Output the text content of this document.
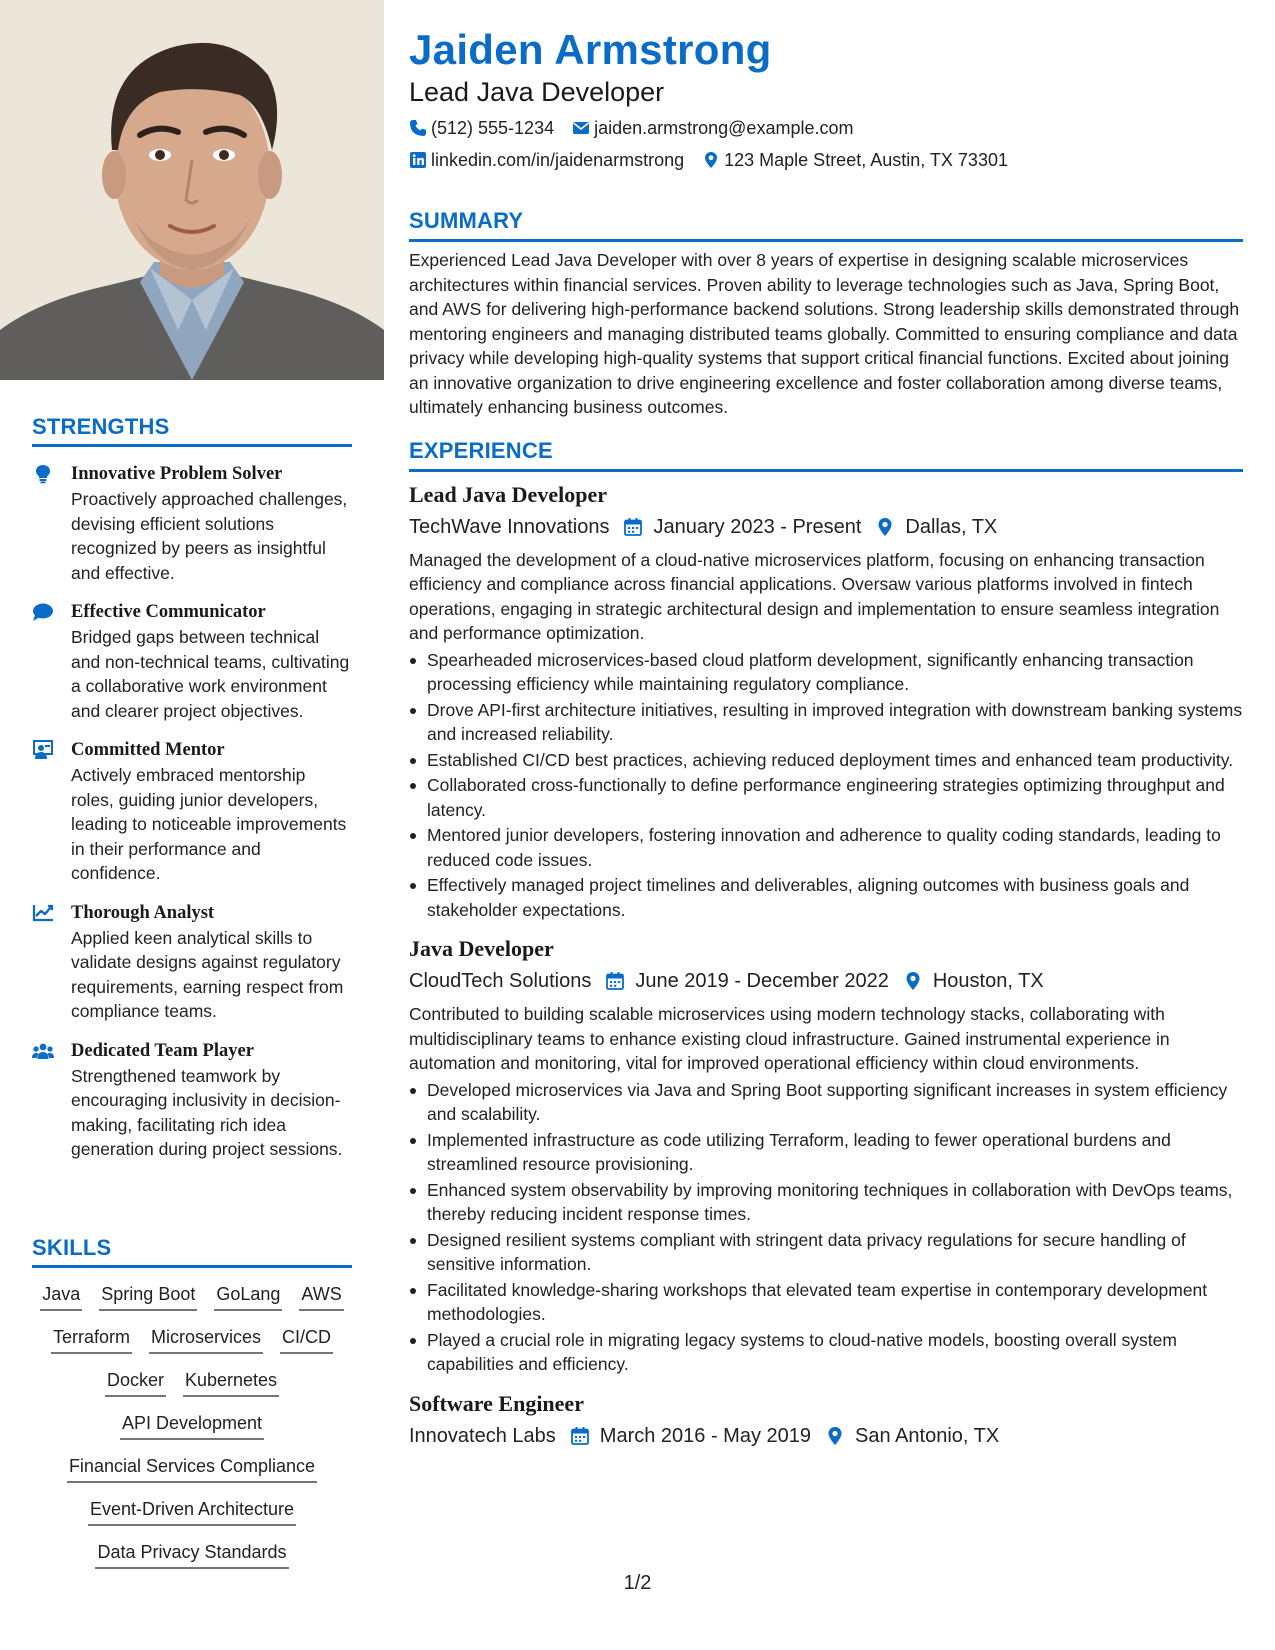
STRENGTHS
Innovative Problem Solver
Proactively approached challenges, devising efficient solutions recognized by peers as insightful and effective.
Effective Communicator
Bridged gaps between technical and non-technical teams, cultivating a collaborative work environment and clearer project objectives.
Committed Mentor
Actively embraced mentorship roles, guiding junior developers, leading to noticeable improvements in their performance and confidence.
Thorough Analyst
Applied keen analytical skills to validate designs against regulatory requirements, earning respect from compliance teams.
Dedicated Team Player
Strengthened teamwork by encouraging inclusivity in decision-making, facilitating rich idea generation during project sessions.
SKILLS
Java Spring Boot GoLang AWS
Terraform Microservices CI/CD
Docker Kubernetes
API Development
Financial Services Compliance
Event-Driven Architecture
Data Privacy Standards
Jaiden Armstrong
Lead Java Developer
(512) 555-1234 jaiden.armstrong@example.com
linkedin.com/in/jaidenarmstrong 123 Maple Street, Austin, TX 73301
SUMMARY

Experienced Lead Java Developer with over 8 years of expertise in designing scalable microservices architectures within financial services. Proven ability to leverage technologies such as Java, Spring Boot, and AWS for delivering high-performance backend solutions. Strong leadership skills demonstrated through mentoring engineers and managing distributed teams globally. Committed to ensuring compliance and data privacy while developing high-quality systems that support critical financial functions. Excited about joining an innovative organization to drive engineering excellence and foster collaboration among diverse teams, ultimately enhancing business outcomes.

EXPERIENCE
Lead Java Developer
TechWave Innovations January 2023 - Present Dallas, TX
Managed the development of a cloud-native microservices platform, focusing on enhancing transaction efficiency and compliance across financial applications. Oversaw various platforms involved in fintech operations, engaging in strategic architectural design and implementation to ensure seamless integration and performance optimization.
Spearheaded microservices-based cloud platform development, significantly enhancing transaction processing efficiency while maintaining regulatory compliance.
Drove API-first architecture initiatives, resulting in improved integration with downstream banking systems and increased reliability.
Established CI/CD best practices, achieving reduced deployment times and enhanced team productivity.
Collaborated cross-functionally to define performance engineering strategies optimizing throughput and latency.
Mentored junior developers, fostering innovation and adherence to quality coding standards, leading to reduced code issues.
Effectively managed project timelines and deliverables, aligning outcomes with business goals and stakeholder expectations.
Java Developer
CloudTech Solutions June 2019 - December 2022 Houston, TX
Contributed to building scalable microservices using modern technology stacks, collaborating with multidisciplinary teams to enhance existing cloud infrastructure. Gained instrumental experience in automation and monitoring, vital for improved operational efficiency within cloud environments.
Developed microservices via Java and Spring Boot supporting significant increases in system efficiency and scalability.
Implemented infrastructure as code utilizing Terraform, leading to fewer operational burdens and streamlined resource provisioning.
Enhanced system observability by improving monitoring techniques in collaboration with DevOps teams, thereby reducing incident response times.
Designed resilient systems compliant with stringent data privacy regulations for secure handling of sensitive information.
Facilitated knowledge-sharing workshops that elevated team expertise in contemporary development methodologies.
Played a crucial role in migrating legacy systems to cloud-native models, boosting overall system capabilities and efficiency.
Software Engineer
Innovatech Labs March 2016 - May 2019 San Antonio, TX
1/2
